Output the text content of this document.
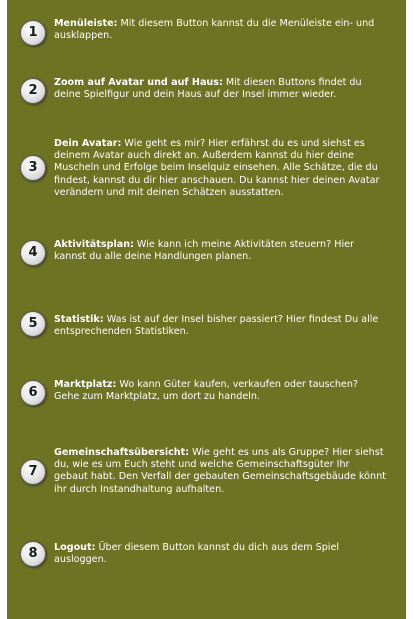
1
Menüleiste: Mit diesem Button kannst du die Menüleiste ein- und ausklappen.
2
Zoom auf Avatar und auf Haus: Mit diesen Buttons findet du deine Spielfigur und dein Haus auf der Insel immer wieder.
3
Dein Avatar: Wie geht es mir? Hier erfährst du es und siehst es deinem Avatar auch direkt an. Außerdem kannst du hier deine Muscheln und Erfolge beim Inselquiz einsehen. Alle Schätze, die du findest, kannst du dir hier anschauen. Du kannst hier deinen Avatar verändern und mit deinen Schätzen ausstatten.
4
Aktivitätsplan: Wie kann ich meine Aktivitäten steuern? Hier kannst du alle deine Handlungen planen.
5	Statistik: Was ist auf der Insel bisher passiert? Hier findest Du alle entsprechenden Statistiken.
6
Marktplatz: Wo kann Güter kaufen, verkaufen oder tauschen? Gehe zum Marktplatz, um dort zu handeln.
7
Gemeinschaftsübersicht: Wie geht es uns als Gruppe? Hier siehst du, wie es um Euch steht und welche Gemeinschaftsgüter Ihr gebaut habt. Den Verfall der gebauten Gemeinschaftsgebäude könnt ihr durch Instandhaltung aufhalten.
8	Logout: Über diesem Button kannst du dich aus dem Spiel ausloggen.
